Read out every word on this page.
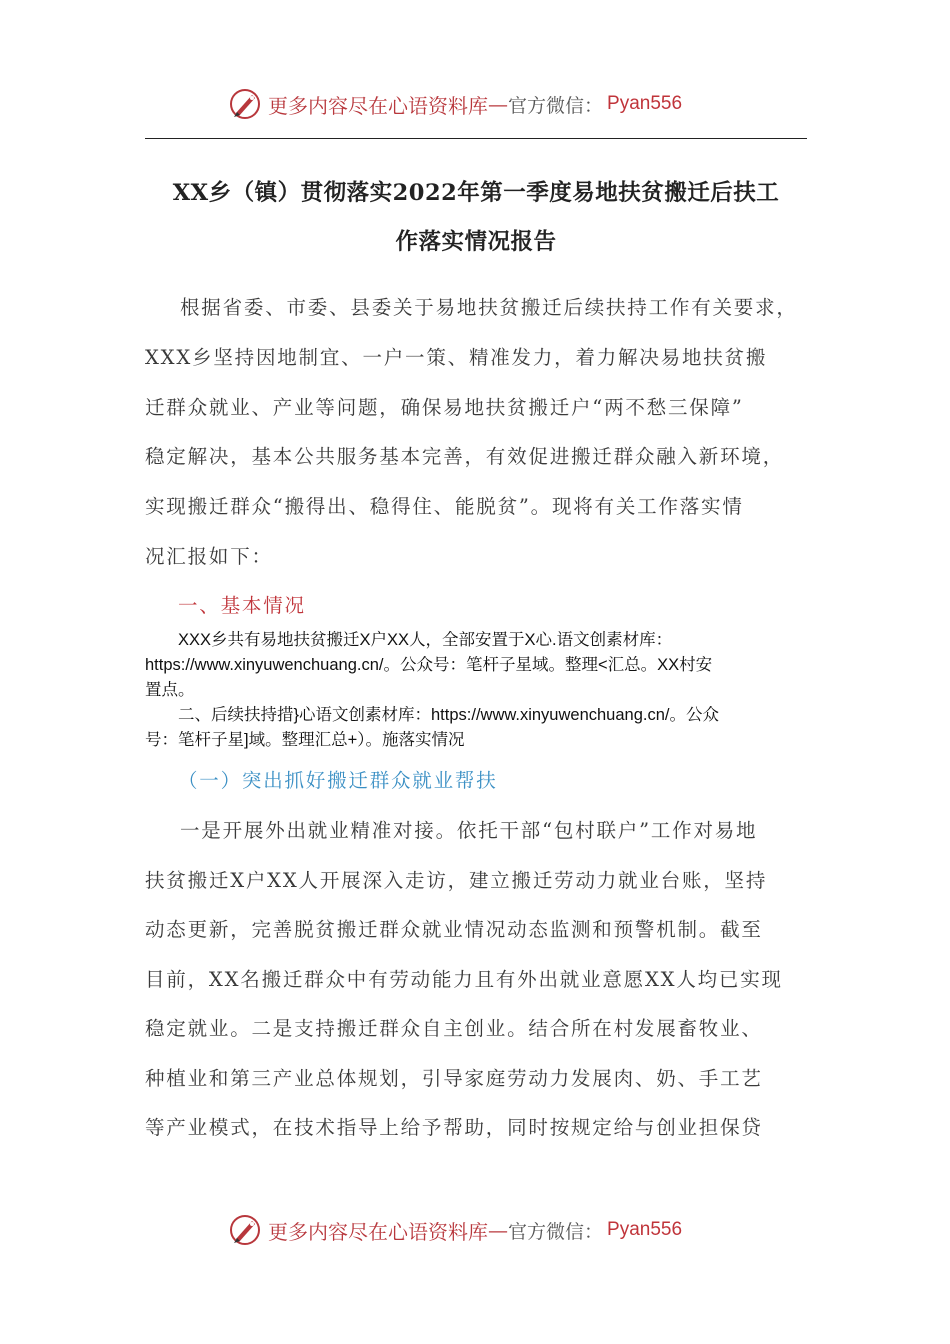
更多内容尽在心语资料库 — 官方微信： Pyan556
XX乡（镇）贯彻落实2022年第一季度易地扶贫搬迁后扶工
作落实情况报告
根据省委、市委、县委关于易地扶贫搬迁后续扶持工作有关要求，
XXX乡坚持因地制宜、一户一策、精准发力，着力解决易地扶贫搬
迁群众就业、产业等问题，确保易地扶贫搬迁户“两不愁三保障”
稳定解决，基本公共服务基本完善，有效促进搬迁群众融入新环境，
实现搬迁群众“搬得出、稳得住、能脱贫”。现将有关工作落实情
况汇报如下：
一、基本情况
XXX乡共有易地扶贫搬迁X户XX人，全部安置于X心.语文创素材库：
https://www.xinyuwenchuang.cn/。公众号：笔杆子星域。整理<汇总。XX村安
置点。
二、后续扶持措}心语文创素材库：https://www.xinyuwenchuang.cn/。公众
号：笔杆子星]域。整理汇总+）。施落实情况
（一）突出抓好搬迁群众就业帮扶
一是开展外出就业精准对接。依托干部“包村联户”工作对易地
扶贫搬迁X户XX人开展深入走访，建立搬迁劳动力就业台账，坚持
动态更新，完善脱贫搬迁群众就业情况动态监测和预警机制。截至
目前，XX名搬迁群众中有劳动能力且有外出就业意愿XX人均已实现
稳定就业。二是支持搬迁群众自主创业。结合所在村发展畜牧业、
种植业和第三产业总体规划，引导家庭劳动力发展肉、奶、手工艺
等产业模式，在技术指导上给予帮助，同时按规定给与创业担保贷
更多内容尽在心语资料库 — 官方微信： Pyan556
